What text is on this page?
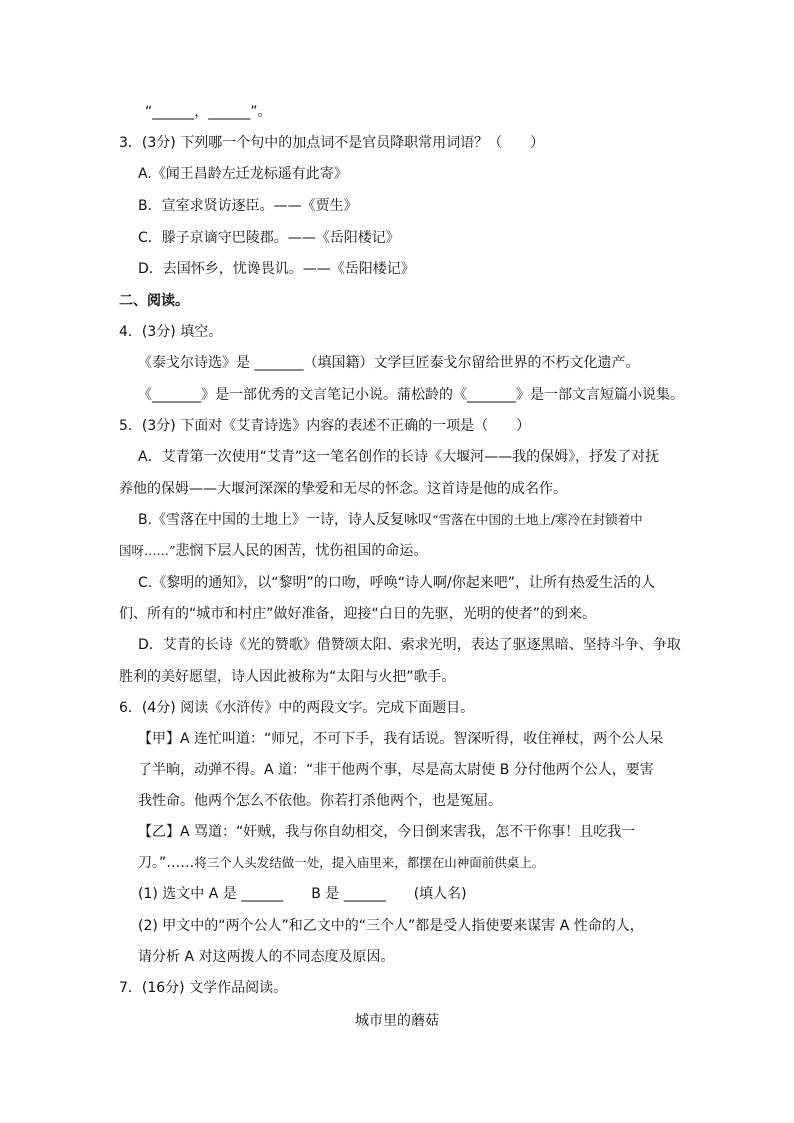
“______，______”。
3．(3分) 下列哪一个句中的加点词不是官员降职常用词语？（　　）
A.《闻王昌龄左迁龙标遥有此寄》
B．宣室求贤访逐臣。——《贾生》
C．滕子京谪守巴陵郡。——《岳阳楼记》
D．去国怀乡，忧谗畏讥。——《岳阳楼记》
二、阅读。
4．(3分) 填空。
《泰戈尔诗选》是 _______（填国籍）文学巨匠泰戈尔留给世界的不朽文化遗产。
《_______》是一部优秀的文言笔记小说。蒲松龄的《_______》是一部文言短篇小说集。
5．(3分) 下面对《艾青诗选》内容的表述不正确的一项是（　　）
A．艾青第一次使用“艾青”这一笔名创作的长诗《大堰河——我的保姆》，抒发了对抚
养他的保姆——大堰河深深的挚爱和无尽的怀念。这首诗是他的成名作。
B.《雪落在中国的土地上》一诗，诗人反复咏叹“雪落在中国的土地上/寒冷在封锁着中
国呀……”悲悯下层人民的困苦，忧伤祖国的命运。
C.《黎明的通知》，以“黎明”的口吻，呼唤“诗人啊/你起来吧”，让所有热爱生活的人
们、所有的“城市和村庄”做好准备，迎接“白日的先驱，光明的使者”的到来。
D．艾青的长诗《光的赞歌》借赞颂太阳、索求光明，表达了驱逐黑暗、坚持斗争、争取
胜利的美好愿望，诗人因此被称为“太阳与火把”歌手。
6．(4分) 阅读《水浒传》中的两段文字。完成下面题目。
【甲】A 连忙叫道：“师兄，不可下手，我有话说。智深听得，收住禅杖，两个公人呆
了半晌，动弹不得。A 道：“非干他两个事，尽是高太尉使 B 分付他两个公人，要害
我性命。他两个怎么不依他。你若打杀他两个，也是冤屈。
【乙】A 骂道：“奸贼，我与你自幼相交，今日倒来害我，怎不干你事！且吃我一
刀。”……将三个人头发结做一处，提入庙里来，都摆在山神面前供桌上。
(1) 选文中 A 是 ______　　B 是 ______　　(填人名)
(2) 甲文中的“两个公人”和乙文中的“三个人”都是受人指使要来谋害 A 性命的人，
请分析 A 对这两拨人的不同态度及原因。
7．(16分) 文学作品阅读。
城市里的蘑菇
